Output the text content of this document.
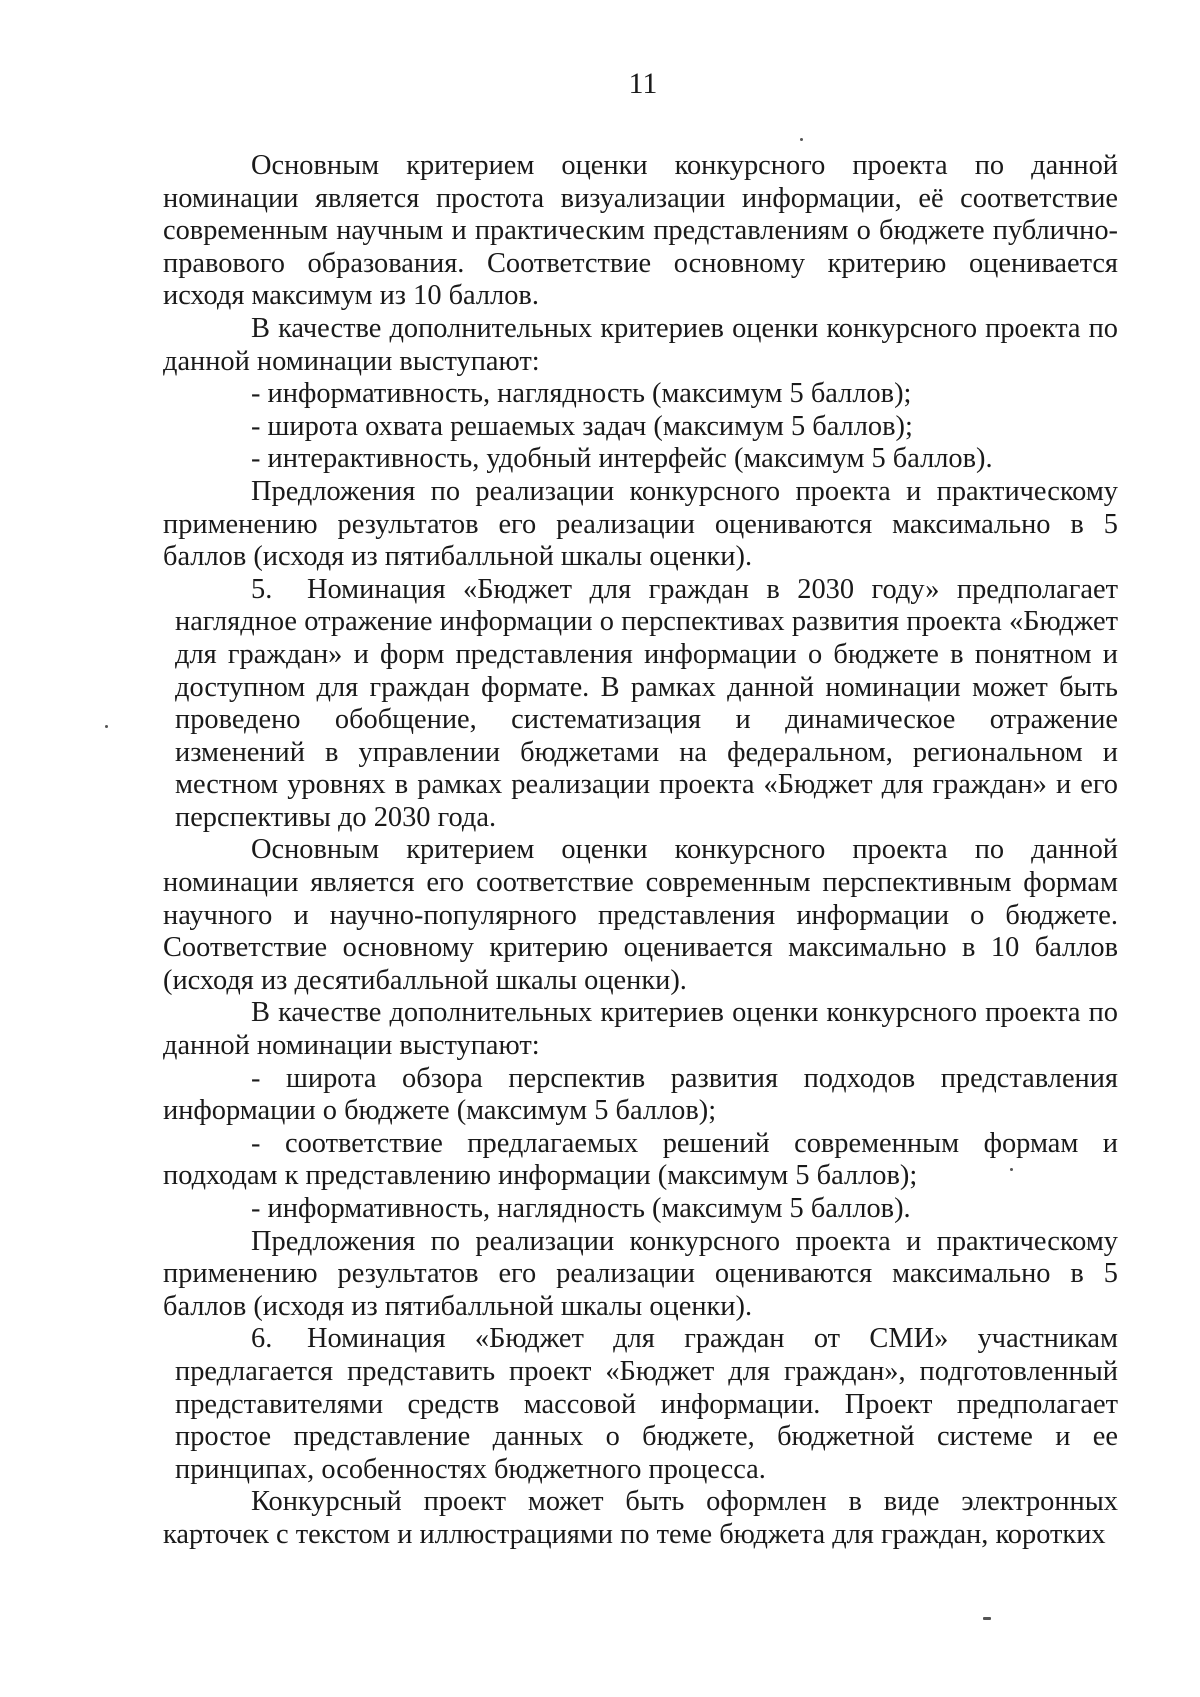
11

Основным критерием оценки конкурсного проекта по данной номинации является простота визуализации информации, её соответствие современным научным и практическим представлениям о бюджете публично-правового образования. Соответствие основному критерию оценивается исходя максимум из 10 баллов.

В качестве дополнительных критериев оценки конкурсного проекта по данной номинации выступают:

- информативность, наглядность (максимум 5 баллов);

- широта охвата решаемых задач (максимум 5 баллов);

- интерактивность, удобный интерфейс (максимум 5 баллов).

Предложения по реализации конкурсного проекта и практическому применению результатов его реализации оцениваются максимально в 5 баллов (исходя из пятибалльной шкалы оценки).

5. Номинация «Бюджет для граждан в 2030 году» предполагает наглядное отражение информации о перспективах развития проекта «Бюджет для граждан» и форм представления информации о бюджете в понятном и доступном для граждан формате. В рамках данной номинации может быть проведено обобщение, систематизация и динамическое отражение изменений в управлении бюджетами на федеральном, региональном и местном уровнях в рамках реализации проекта «Бюджет для граждан» и его перспективы до 2030 года.

Основным критерием оценки конкурсного проекта по данной номинации является его соответствие современным перспективным формам научного и научно-популярного представления информации о бюджете. Соответствие основному критерию оценивается максимально в 10 баллов (исходя из десятибалльной шкалы оценки).

В качестве дополнительных критериев оценки конкурсного проекта по данной номинации выступают:

- широта обзора перспектив развития подходов представления информации о бюджете (максимум 5 баллов);

- соответствие предлагаемых решений современным формам и подходам к представлению информации (максимум 5 баллов);

- информативность, наглядность (максимум 5 баллов).

Предложения по реализации конкурсного проекта и практическому применению результатов его реализации оцениваются максимально в 5 баллов (исходя из пятибалльной шкалы оценки).

6. Номинация «Бюджет для граждан от СМИ» участникам предлагается представить проект «Бюджет для граждан», подготовленный представителями средств массовой информации. Проект предполагает простое представление данных о бюджете, бюджетной системе и ее принципах, особенностях бюджетного процесса.

Конкурсный проект может быть оформлен в виде электронных карточек с текстом и иллюстрациями по теме бюджета для граждан, коротких
